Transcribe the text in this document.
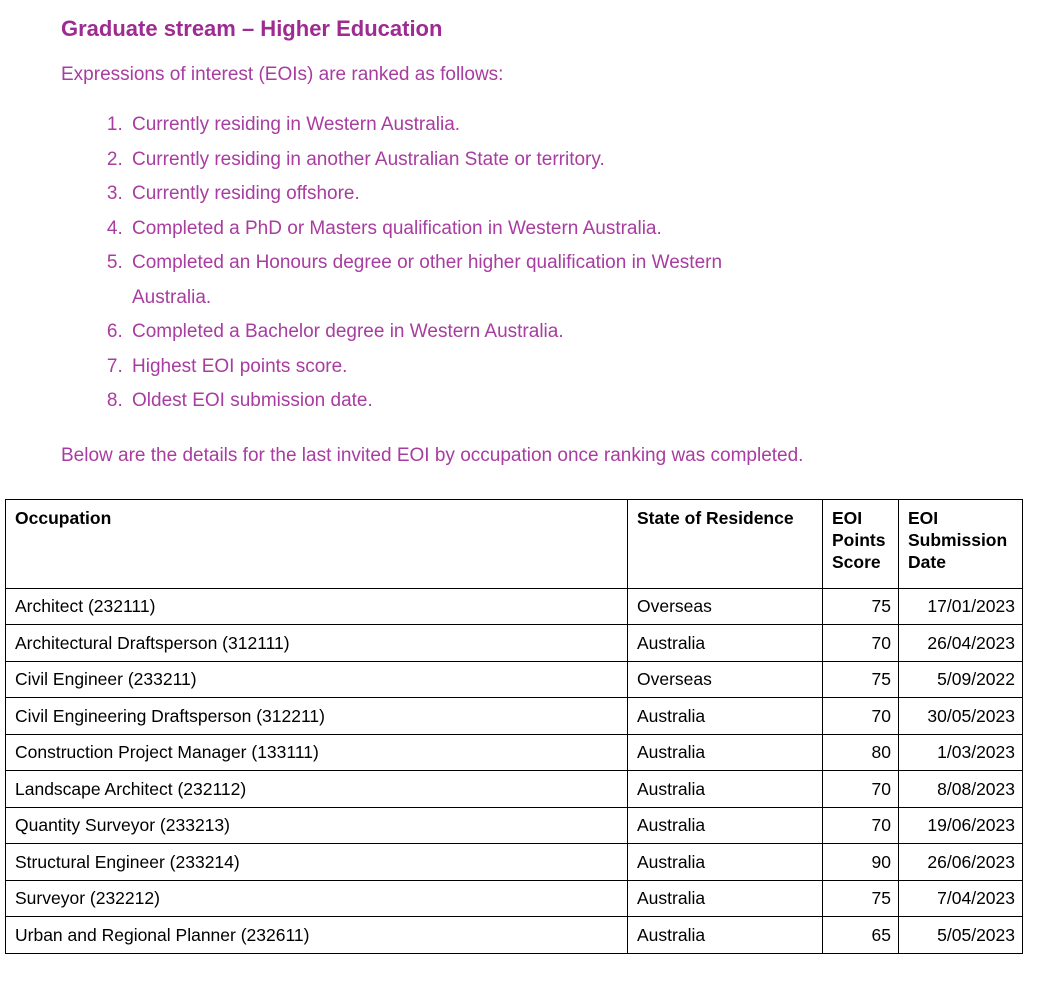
Graduate stream – Higher Education

Expressions of interest (EOIs) are ranked as follows:

1. Currently residing in Western Australia.
2. Currently residing in another Australian State or territory.
3. Currently residing offshore.
4. Completed a PhD or Masters qualification in Western Australia.
5. Completed an Honours degree or other higher qualification in Western Australia.
6. Completed a Bachelor degree in Western Australia.
7. Highest EOI points score.
8. Oldest EOI submission date.

Below are the details for the last invited EOI by occupation once ranking was completed.

Occupation	State of Residence	EOI Points Score	EOI Submission Date
Architect (232111)	Overseas	75	17/01/2023
Architectural Draftsperson (312111)	Australia	70	26/04/2023
Civil Engineer (233211)	Overseas	75	5/09/2022
Civil Engineering Draftsperson (312211)	Australia	70	30/05/2023
Construction Project Manager (133111)	Australia	80	1/03/2023
Landscape Architect (232112)	Australia	70	8/08/2023
Quantity Surveyor (233213)	Australia	70	19/06/2023
Structural Engineer (233214)	Australia	90	26/06/2023
Surveyor (232212)	Australia	75	7/04/2023
Urban and Regional Planner (232611)	Australia	65	5/05/2023
